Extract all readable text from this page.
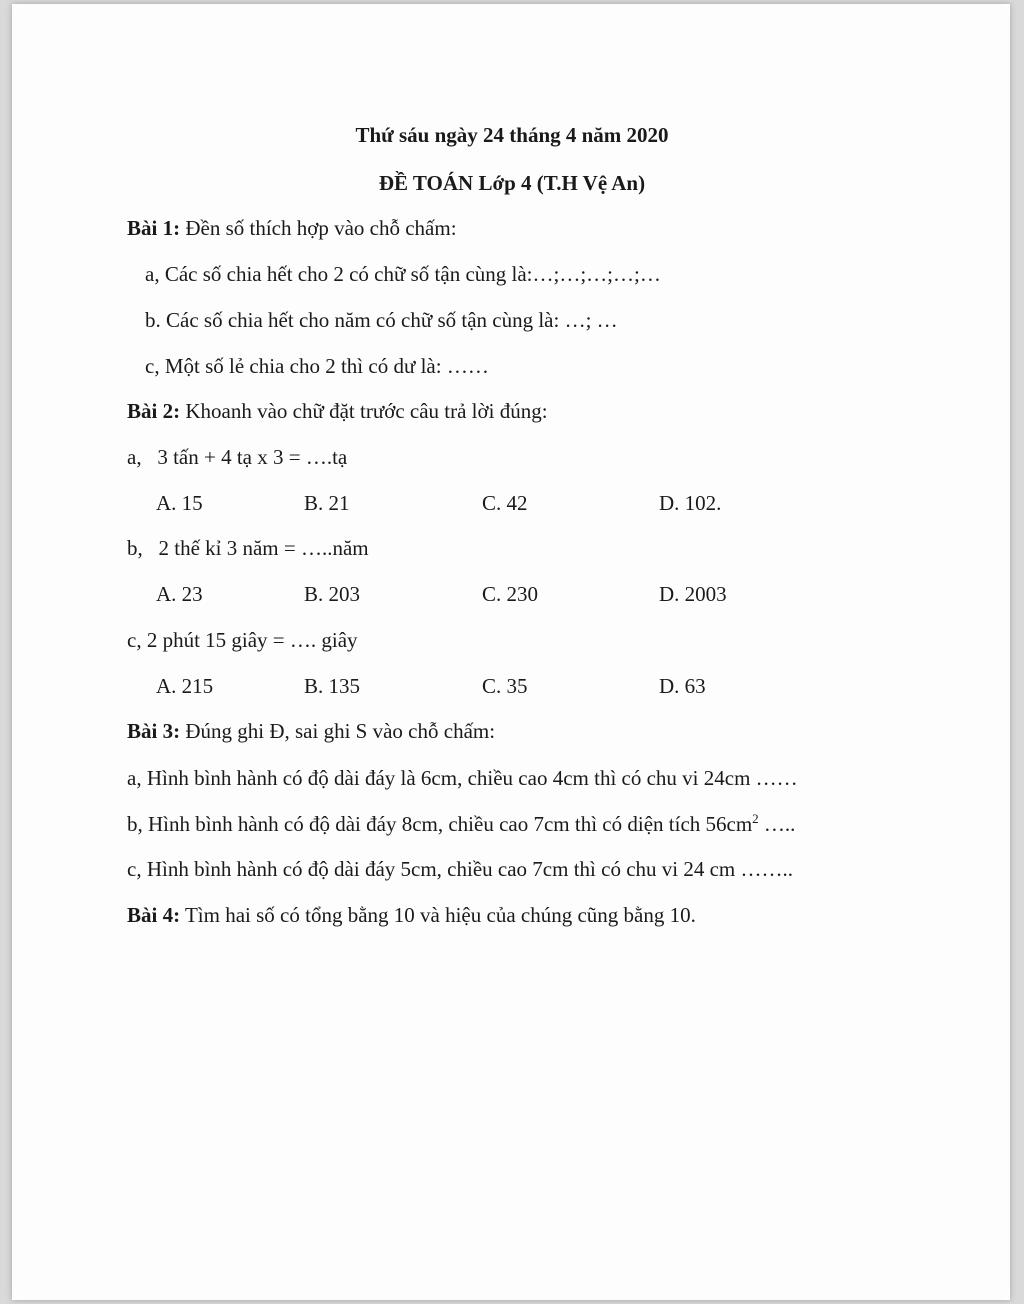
Thứ sáu ngày 24 tháng 4 năm 2020
ĐỀ TOÁN Lớp 4 (T.H Vệ An)
Bài 1: Đền số thích hợp vào chỗ chấm:
a, Các số chia hết cho 2 có chữ số tận cùng là:…;…;…;…;…
b. Các số chia hết cho năm có chữ số tận cùng là: …; …
c, Một số lẻ chia cho 2 thì có dư là: ……
Bài 2: Khoanh vào chữ đặt trước câu trả lời đúng:
a,   3 tấn + 4 tạ x 3 = ….tạ
A. 15	B. 21	C. 42	D. 102.
b,   2 thế kỉ 3 năm = …..năm
A. 23	B. 203	C. 230	D. 2003
c, 2 phút 15 giây = …. giây
A. 215	B. 135	C. 35	D. 63
Bài 3: Đúng ghi Đ, sai ghi S vào chỗ chấm:
a, Hình bình hành có độ dài đáy là 6cm, chiều cao 4cm thì có chu vi 24cm ……
b, Hình bình hành có độ dài đáy 8cm, chiều cao 7cm thì có diện tích $56cm^2$ …..
c, Hình bình hành có độ dài đáy 5cm, chiều cao 7cm thì có chu vi 24 cm ……..
Bài 4: Tìm hai số có tổng bằng 10 và hiệu của chúng cũng bằng 10.
